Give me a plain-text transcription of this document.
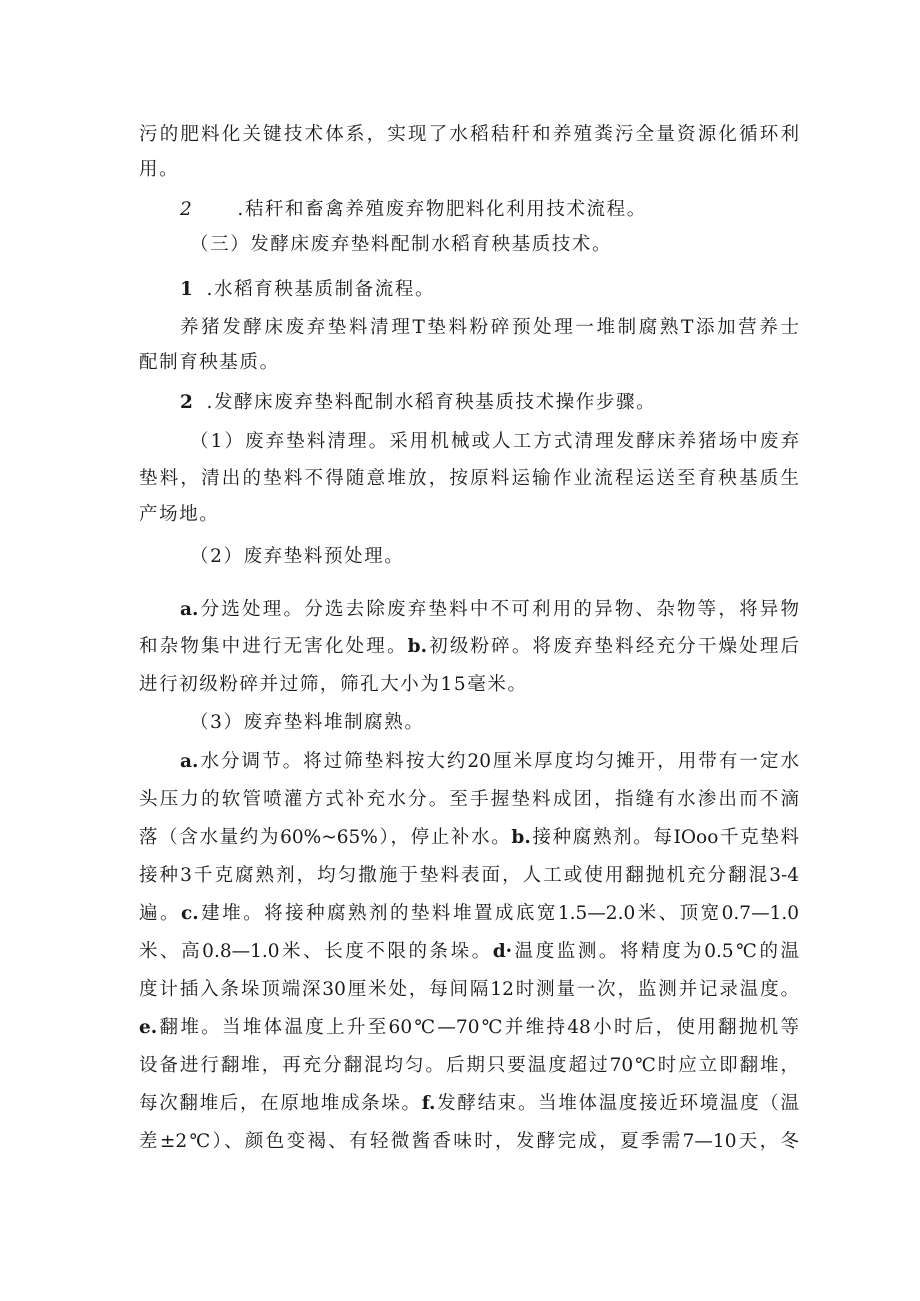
污的肥料化关键技术体系，实现了水稻秸秆和养殖粪污全量资源化循环利
用。
2 .秸秆和畜禽养殖废弃物肥料化利用技术流程。
（三）发酵床废弃垫料配制水稻育秧基质技术。
1 .水稻育秧基质制备流程。
养猪发酵床废弃垫料清理T垫料粉碎预处理一堆制腐熟T添加营养士
配制育秧基质。
2 .发酵床废弃垫料配制水稻育秧基质技术操作步骤。
（1）废弃垫料清理。采用机械或人工方式清理发酵床养猪场中废弃
垫料，清出的垫料不得随意堆放，按原料运输作业流程运送至育秧基质生
产场地。
（2）废弃垫料预处理。
a.分选处理。分选去除废弃垫料中不可利用的异物、杂物等，将异物
和杂物集中进行无害化处理。b.初级粉碎。将废弃垫料经充分干燥处理后
进行初级粉碎并过筛，筛孔大小为15毫米。
（3）废弃垫料堆制腐熟。
a.水分调节。将过筛垫料按大约20厘米厚度均匀摊开，用带有一定水
头压力的软管喷灌方式补充水分。至手握垫料成团，指缝有水渗出而不滴
落（含水量约为60%~65%），停止补水。b.接种腐熟剂。每IOoo千克垫料
接种3千克腐熟剂，均匀撒施于垫料表面，人工或使用翻抛机充分翻混3-4
遍。c.建堆。将接种腐熟剂的垫料堆置成底宽1.5—2.0米、顶宽0.7—1.0
米、高0.8—1.0米、长度不限的条垛。d·温度监测。将精度为0.5℃的温
度计插入条垛顶端深30厘米处，每间隔12时测量一次，监测并记录温度。
e.翻堆。当堆体温度上升至60℃—70℃并维持48小时后，使用翻抛机等
设备进行翻堆，再充分翻混均匀。后期只要温度超过70℃时应立即翻堆，
每次翻堆后，在原地堆成条垛。f.发酵结束。当堆体温度接近环境温度（温
差±2℃）、颜色变褐、有轻微酱香味时，发酵完成，夏季需7—10天，冬
